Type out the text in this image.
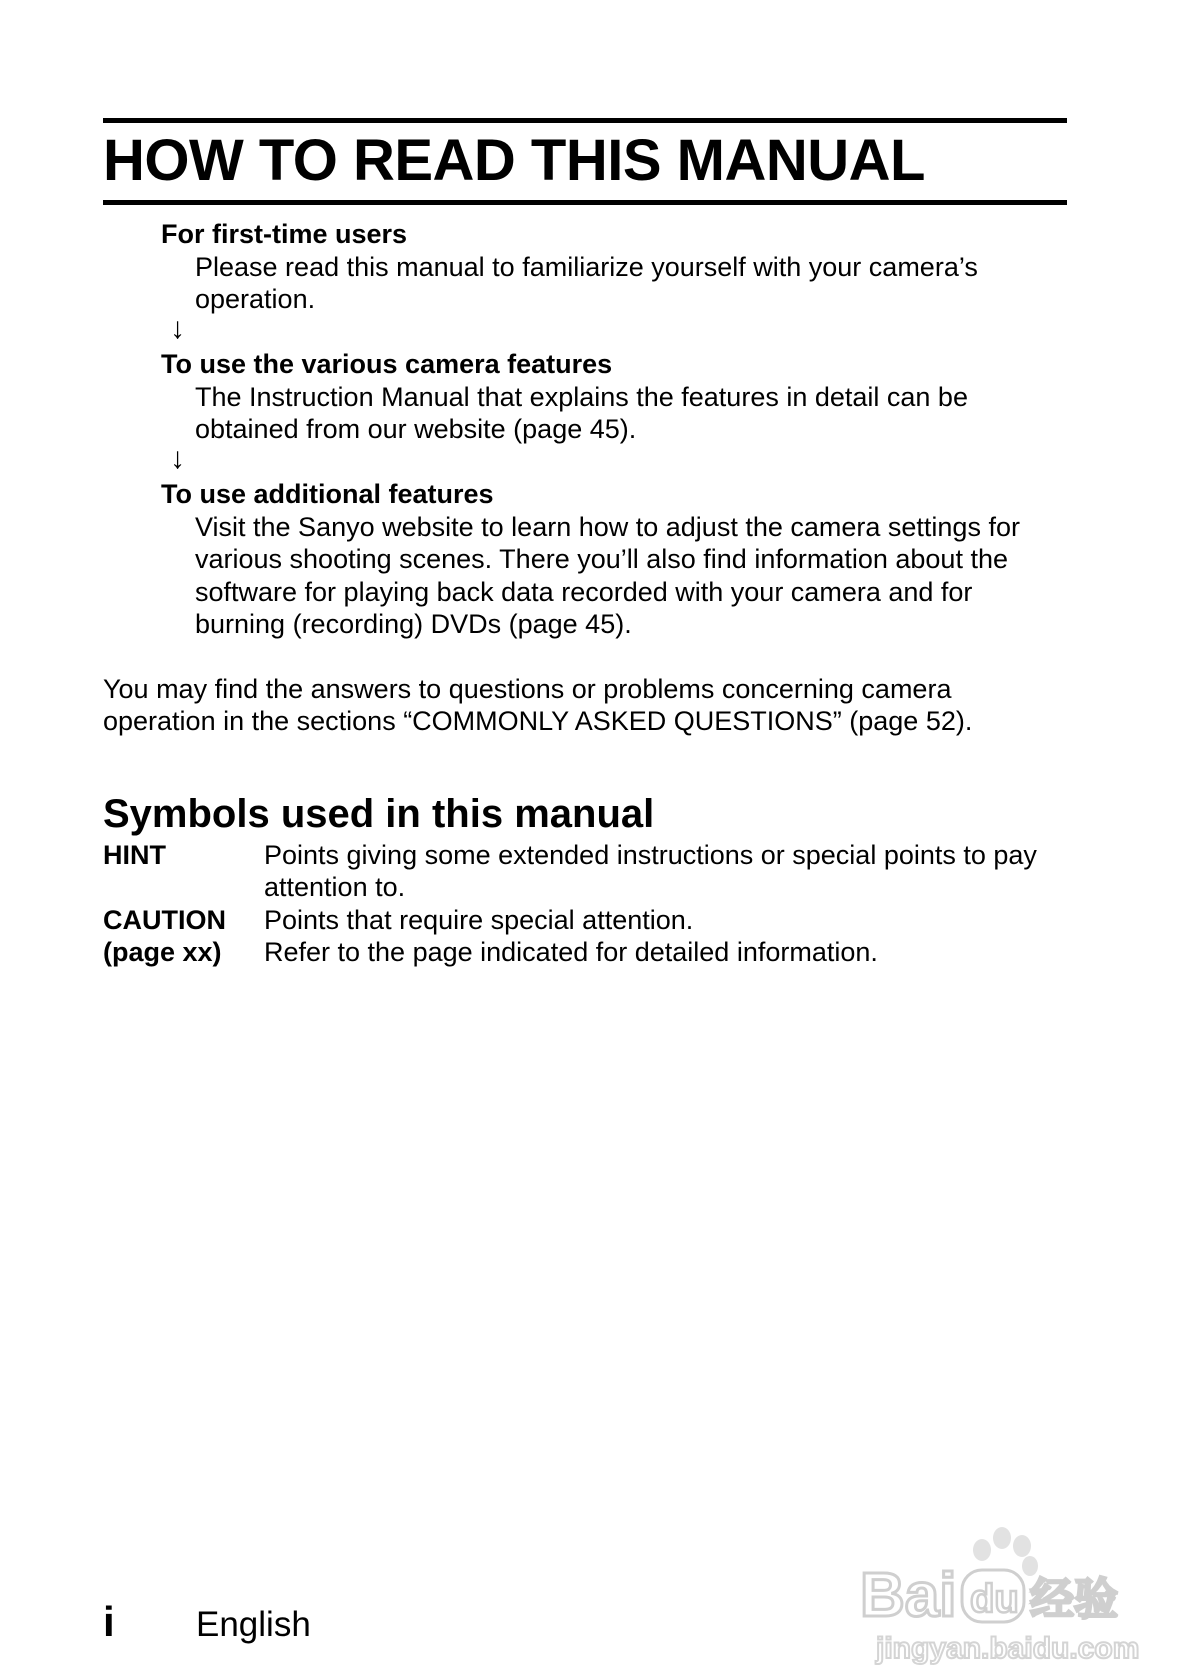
HOW TO READ THIS MANUAL

For first-time users

Please read this manual to familiarize yourself with your camera’s

operation.

↓

To use the various camera features

The Instruction Manual that explains the features in detail can be

obtained from our website (page 45).

↓

To use additional features

Visit the Sanyo website to learn how to adjust the camera settings for

various shooting scenes. There you’ll also find information about the

software for playing back data recorded with your camera and for

burning (recording) DVDs (page 45).

You may find the answers to questions or problems concerning camera

operation in the sections “COMMONLY ASKED QUESTIONS” (page 52).

Symbols used in this manual

HINT	Points giving some extended instructions or special points to pay

attention to.

CAUTION Points that require special attention.

(page xx) Refer to the page indicated for detailed information.

i English	Bai du 经验
jingyan.baidu.com
